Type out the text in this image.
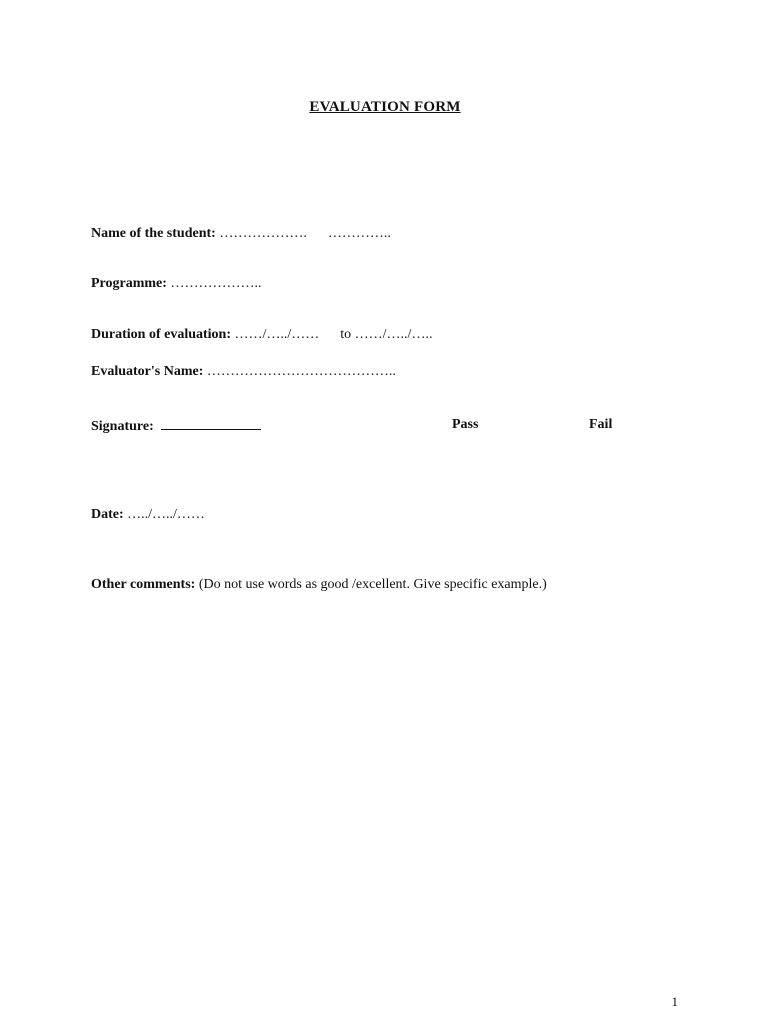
EVALUATION FORM
Name of the student: ………………. …………..
Programme: ………………..
Duration of evaluation: ……/…../…… to ……/…../…..
Evaluator's Name: …………………………………..
Signature:	Pass	Fail
Date: …../…../……
Other comments: (Do not use words as good /excellent. Give specific example.)
1
